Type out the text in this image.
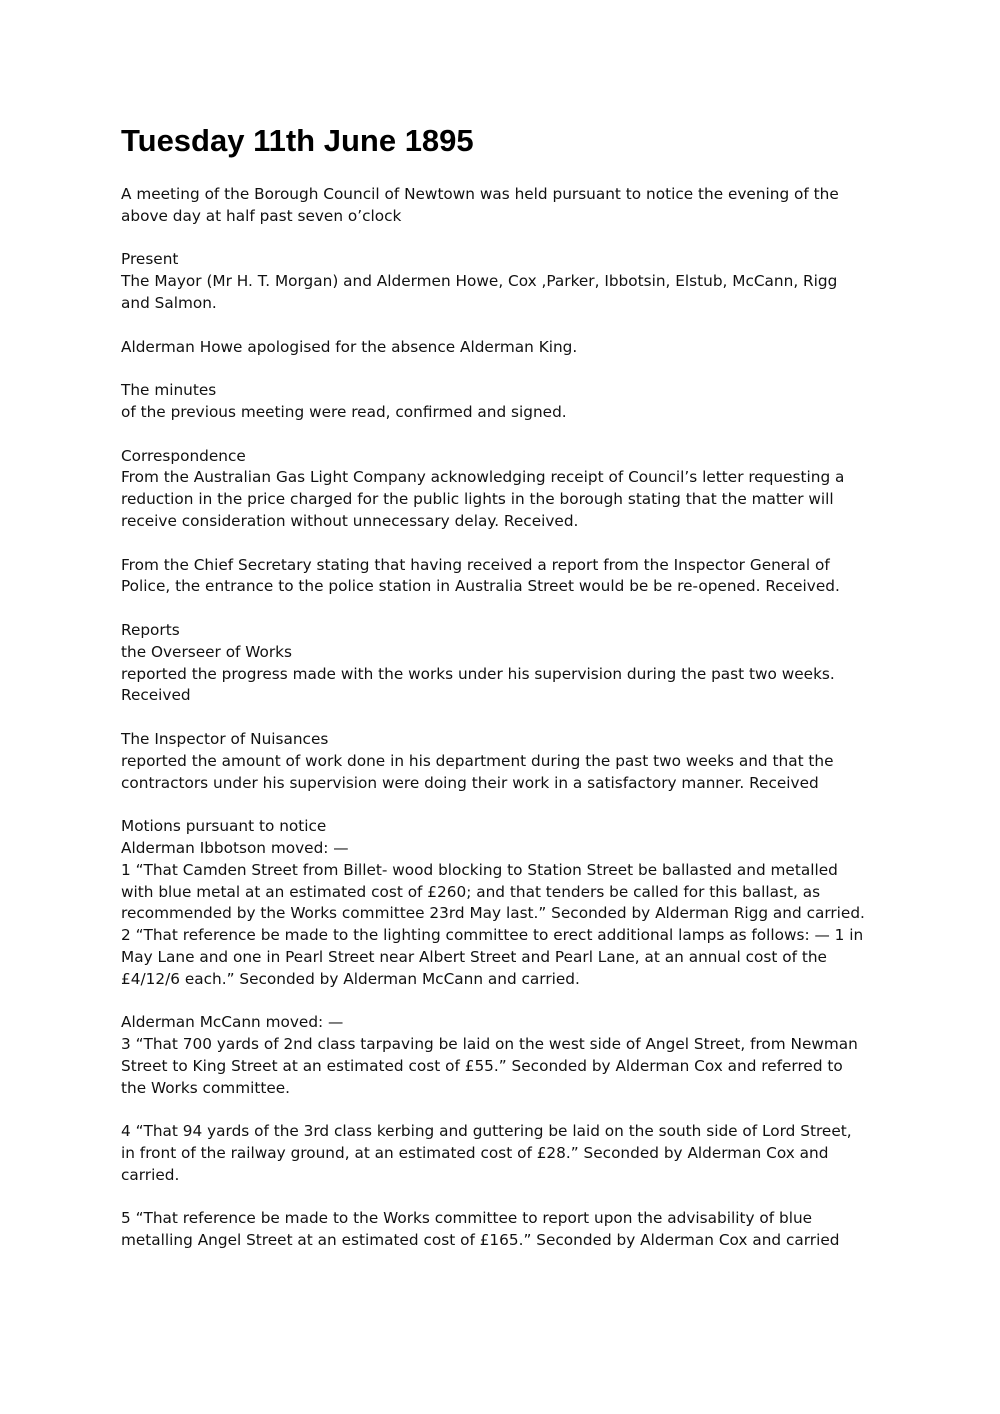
Tuesday 11th June 1895

A meeting of the Borough Council of Newtown was held pursuant to notice the evening of the
above day at half past seven o’clock

Present
The Mayor (Mr H. T. Morgan) and Aldermen Howe, Cox ,Parker, Ibbotsin, Elstub, McCann, Rigg
and Salmon.

Alderman Howe apologised for the absence Alderman King.

The minutes
of the previous meeting were read, confirmed and signed.

Correspondence
From the Australian Gas Light Company acknowledging receipt of Council’s letter requesting a
reduction in the price charged for the public lights in the borough stating that the matter will
receive consideration without unnecessary delay. Received.

From the Chief Secretary stating that having received a report from the Inspector General of
Police, the entrance to the police station in Australia Street would be be re-opened. Received.

Reports
the Overseer of Works
reported the progress made with the works under his supervision during the past two weeks.
Received

The Inspector of Nuisances
reported the amount of work done in his department during the past two weeks and that the
contractors under his supervision were doing their work in a satisfactory manner. Received

Motions pursuant to notice
Alderman Ibbotson moved: —
1 “That Camden Street from Billet- wood blocking to Station Street be ballasted and metalled
with blue metal at an estimated cost of £260; and that tenders be called for this ballast, as
recommended by the Works committee 23rd May last.” Seconded by Alderman Rigg and carried.
2 “That reference be made to the lighting committee to erect additional lamps as follows: — 1 in
May Lane and one in Pearl Street near Albert Street and Pearl Lane, at an annual cost of the
£4/12/6 each.” Seconded by Alderman McCann and carried.

Alderman McCann moved: —
3 “That 700 yards of 2nd class tarpaving be laid on the west side of Angel Street, from Newman
Street to King Street at an estimated cost of £55.” Seconded by Alderman Cox and referred to
the Works committee.

4 “That 94 yards of the 3rd class kerbing and guttering be laid on the south side of Lord Street,
in front of the railway ground, at an estimated cost of £28.” Seconded by Alderman Cox and
carried.

5 “That reference be made to the Works committee to report upon the advisability of blue
metalling Angel Street at an estimated cost of £165.” Seconded by Alderman Cox and carried
